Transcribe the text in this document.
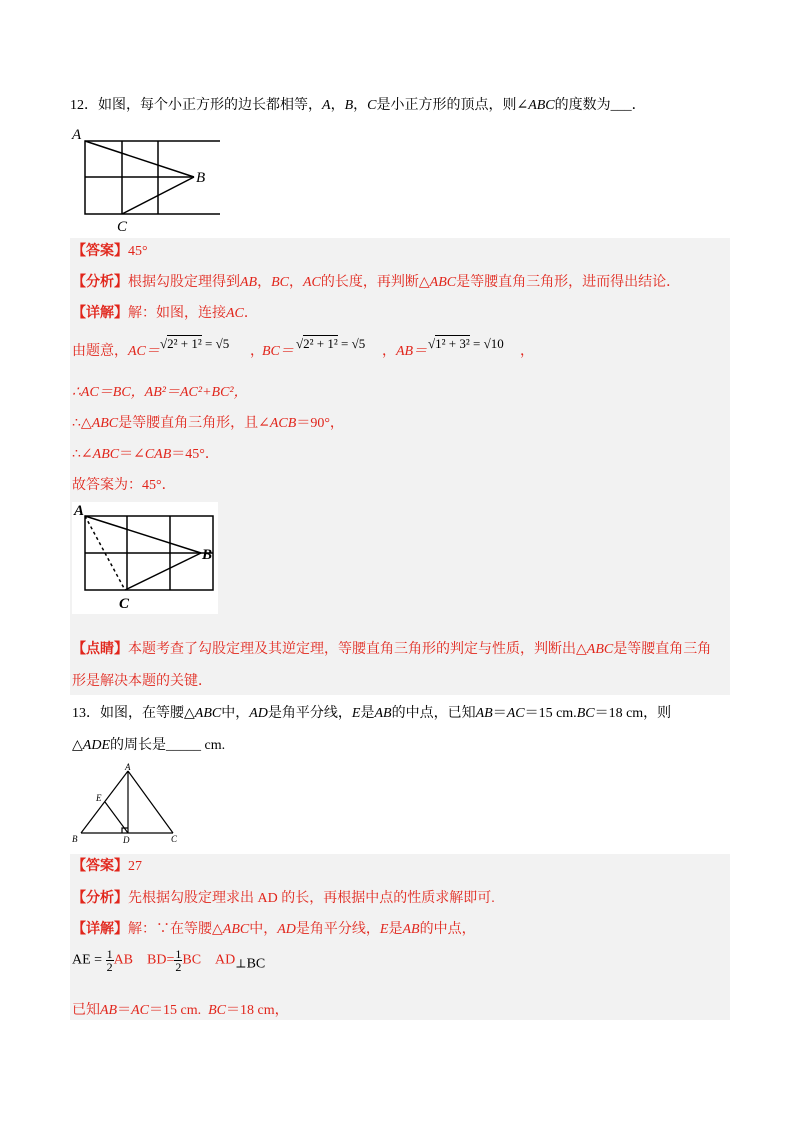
12．如图，每个小正方形的边长都相等，A，B，C是小正方形的顶点，则∠ABC的度数为___．
A
B
C
【答案】45°
【分析】根据勾股定理得到AB，BC，AC的长度，再判断△ABC是等腰直角三角形，进而得出结论．
【详解】解：如图，连接AC．
由题意， AC＝
√2² + 1² = √5
，
BC＝
√2² + 1² = √5
， AB＝
√1² + 3² = √10
，
∴AC＝BC，AB²＝AC²+BC²，
∴△ABC是等腰直角三角形，且∠ACB＝90°，
∴∠ABC＝∠CAB＝45°．
故答案为：45°．
A
B
C
【点睛】本题考查了勾股定理及其逆定理，等腰直角三角形的判定与性质，判断出△ABC是等腰直角三角
形是解决本题的关键．
13．如图，在等腰△ABC中，AD是角平分线，E是AB的中点，已知AB＝AC＝15 cm.BC＝18 cm，则
△ADE的周长是_____ cm.
A
B	C
D
E
【答案】27
【分析】先根据勾股定理求出 AD 的长，再根据中点的性质求解即可.
【详解】解：∵在等腰△ABC中，AD是角平分线，E是AB的中点，
AE = $\frac{1}{2}$ AB $BD= \frac{1}{2}$ BC AD⊥BC
已知AB＝AC＝15 cm. BC＝18 cm，
